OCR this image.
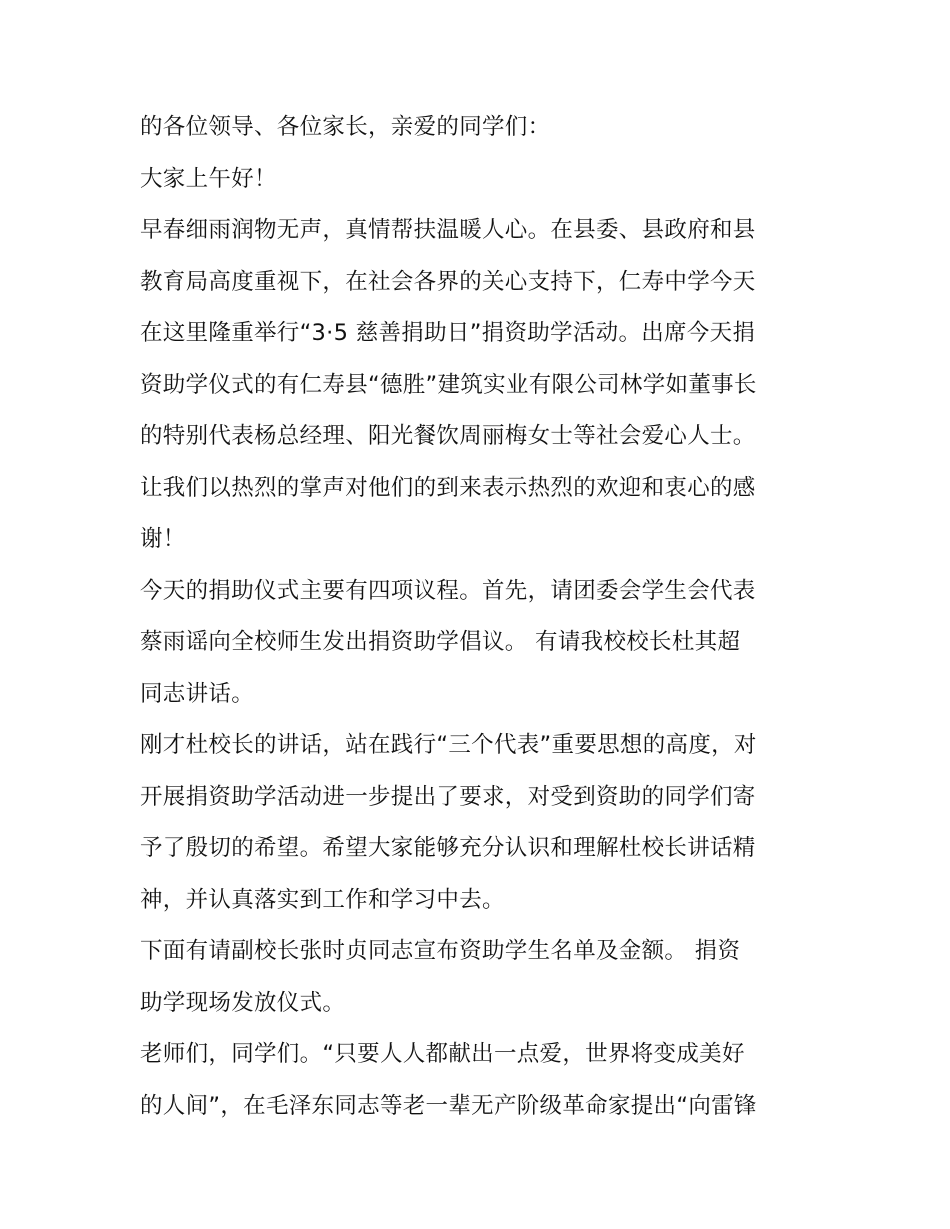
的各位领导、各位家长，亲爱的同学们：
大家上午好！
早春细雨润物无声，真情帮扶温暖人心。在县委、县政府和县
教育局高度重视下，在社会各界的关心支持下，仁寿中学今天
在这里隆重举行“3·5 慈善捐助日”捐资助学活动。出席今天捐
资助学仪式的有仁寿县“德胜”建筑实业有限公司林学如董事长
的特别代表杨总经理、阳光餐饮周丽梅女士等社会爱心人士。
让我们以热烈的掌声对他们的到来表示热烈的欢迎和衷心的感
谢！
今天的捐助仪式主要有四项议程。首先，请团委会学生会代表
蔡雨谣向全校师生发出捐资助学倡议。 有请我校校长杜其超
同志讲话。
刚才杜校长的讲话，站在践行“三个代表”重要思想的高度，对
开展捐资助学活动进一步提出了要求，对受到资助的同学们寄
予了殷切的希望。希望大家能够充分认识和理解杜校长讲话精
神，并认真落实到工作和学习中去。
下面有请副校长张时贞同志宣布资助学生名单及金额。 捐资
助学现场发放仪式。
老师们，同学们。“只要人人都献出一点爱，世界将变成美好
的人间”，在毛泽东同志等老一辈无产阶级革命家提出“向雷锋
